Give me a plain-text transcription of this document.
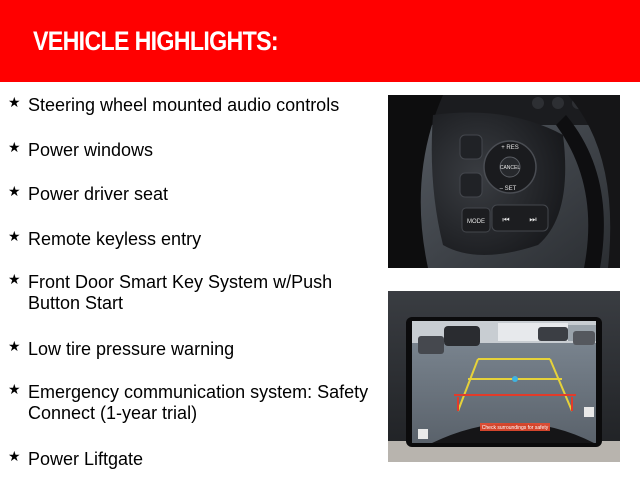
VEHICLE HIGHLIGHTS:
★ Steering wheel mounted audio controls
★ Power windows
★ Power driver seat
★ Remote keyless entry
★ Front Door Smart Key System w/Push Button Start
★ Low tire pressure warning
★ Emergency communication system: Safety Connect (1-year trial)
★ Power Liftgate
CANCEL
+ RES
– SET
MODE ⏮ ⏭
Check surroundings for safety
